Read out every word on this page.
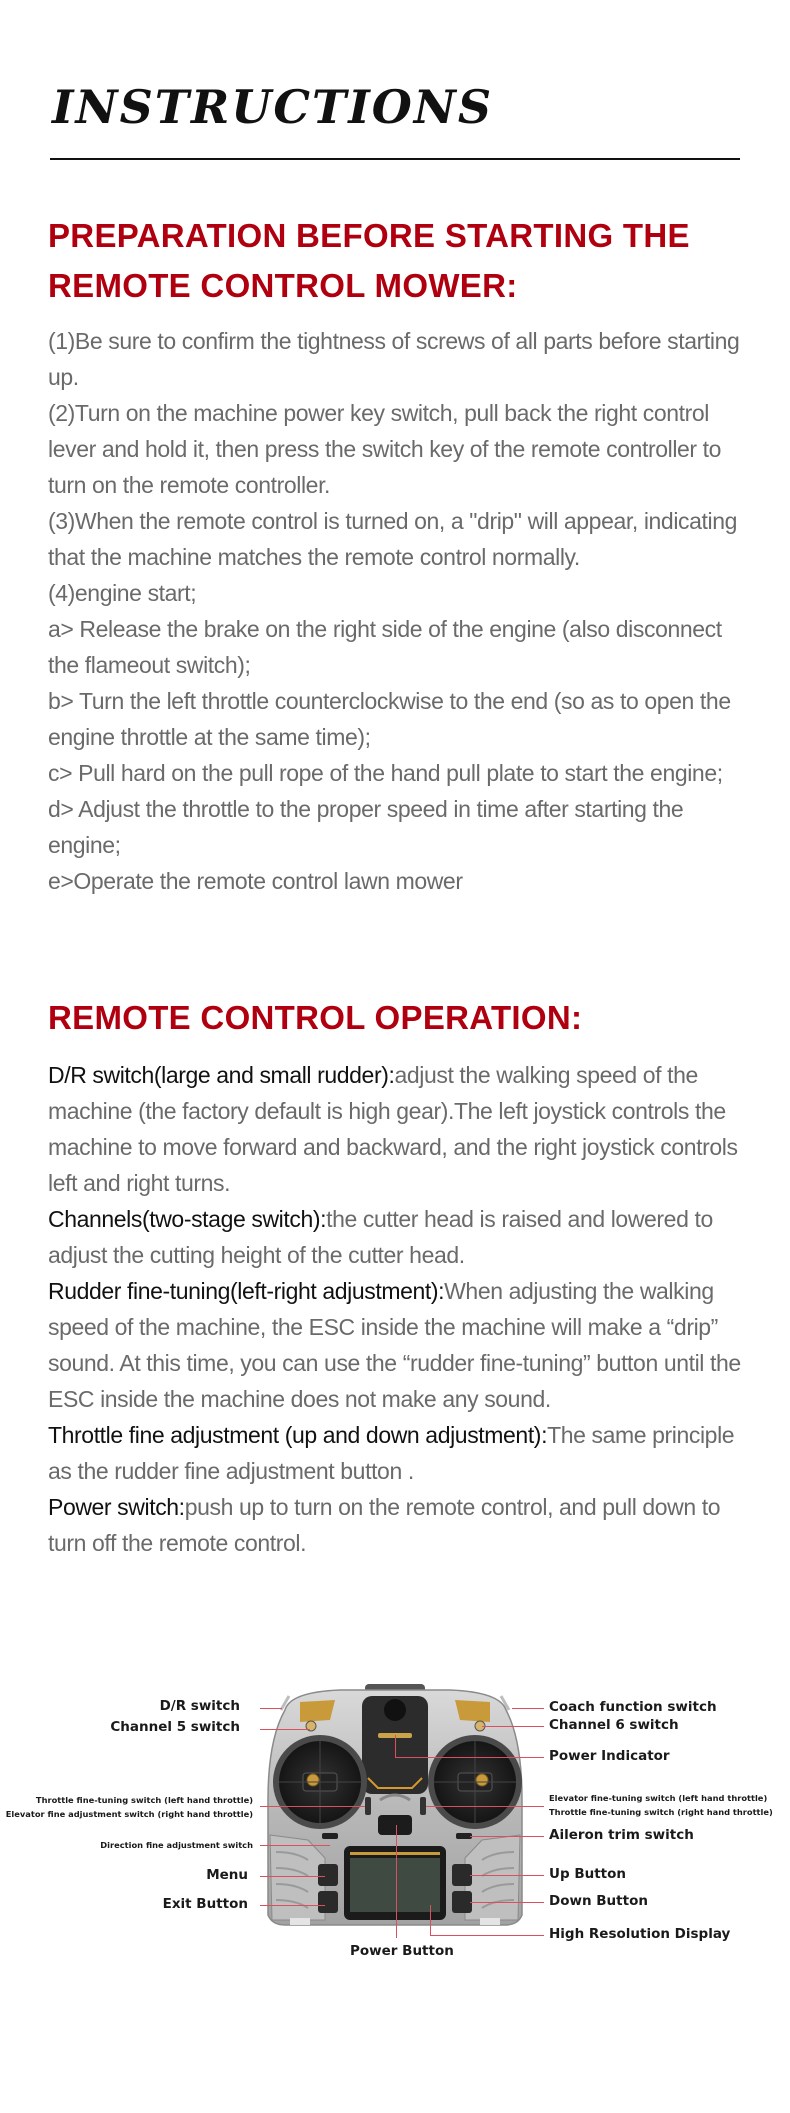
INSTRUCTIONS
PREPARATION BEFORE STARTING THE
REMOTE CONTROL MOWER:

(1)Be sure to confirm the tightness of screws of all parts before starting up.

(2)Turn on the machine power key switch, pull back the right control lever and hold it, then press the switch key of the remote controller to turn on the remote controller.

(3)When the remote control is turned on, a "drip" will appear, indicating that the machine matches the remote control normally.

(4)engine start;

a> Release the brake on the right side of the engine (also disconnect the flameout switch);

b> Turn the left throttle counterclockwise to the end (so as to open the engine throttle at the same time);

c> Pull hard on the pull rope of the hand pull plate to start the engine;

d> Adjust the throttle to the proper speed in time after starting the engine;

e>Operate the remote control lawn mower

REMOTE CONTROL OPERATION:

D/R switch(large and small rudder):adjust the walking speed of the machine (the factory default is high gear).The left joystick controls the machine to move forward and backward, and the right joystick controls left and right turns.

Channels(two-stage switch):the cutter head is raised and lowered to adjust the cutting height of the cutter head.

Rudder fine-tuning(left-right adjustment):When adjusting the walking speed of the machine, the ESC inside the machine will make a “drip” sound. At this time, you can use the “rudder fine-tuning” button until the ESC inside the machine does not make any sound.

Throttle fine adjustment (up and down adjustment):The same principle as the rudder fine adjustment button .

Power switch:push up to turn on the remote control, and pull down to turn off the remote control.

D/R switch
Channel 5 switch
Throttle fine-tuning switch (left hand throttle)
Elevator fine adjustment switch (right hand throttle)
Direction fine adjustment switch
Menu
Exit Button
Coach function switch
Channel 6 switch
Power Indicator
Elevator fine-tuning switch (left hand throttle)
Throttle fine-tuning switch (right hand throttle)
Aileron trim switch
Up Button
Down Button
High Resolution Display
Power Button
